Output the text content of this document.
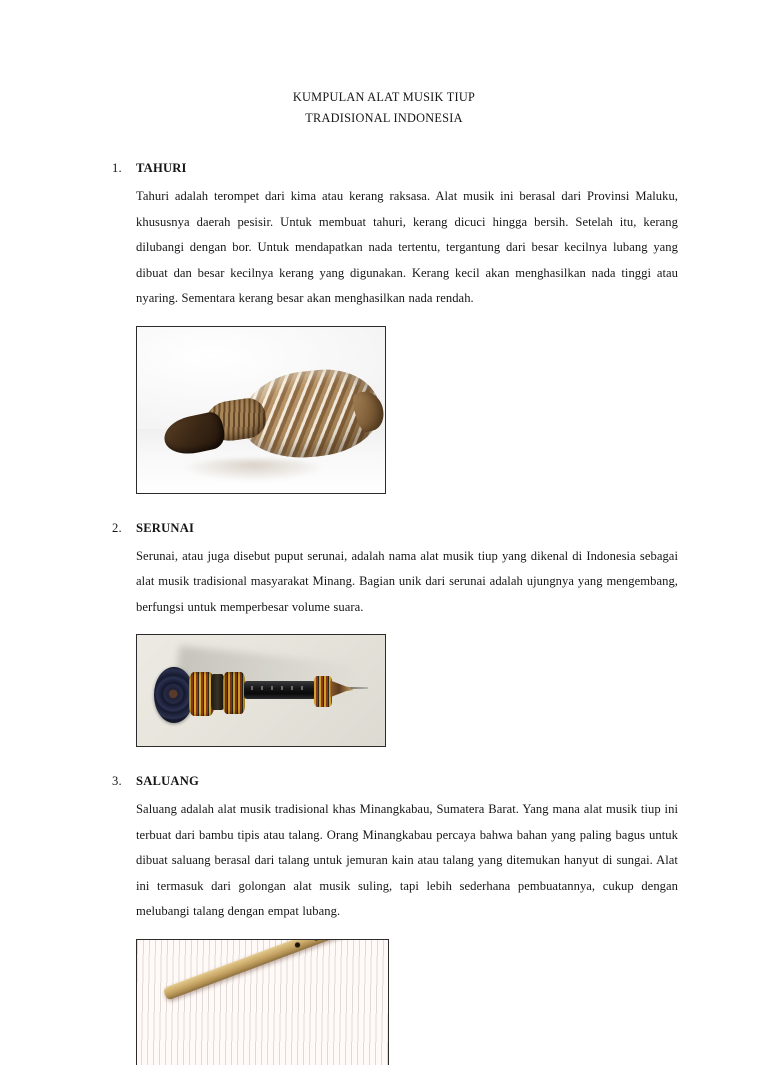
KUMPULAN ALAT MUSIK TIUP
TRADISIONAL INDONESIA
1. TAHURI

Tahuri adalah terompet dari kima atau kerang raksasa. Alat musik ini berasal dari Provinsi Maluku, khususnya daerah pesisir. Untuk membuat tahuri, kerang dicuci hingga bersih. Setelah itu, kerang dilubangi dengan bor. Untuk mendapatkan nada tertentu, tergantung dari besar kecilnya lubang yang dibuat dan besar kecilnya kerang yang digunakan. Kerang kecil akan menghasilkan nada tinggi atau nyaring. Sementara kerang besar akan menghasilkan nada rendah.

2. SERUNAI

Serunai, atau juga disebut puput serunai, adalah nama alat musik tiup yang dikenal di Indonesia sebagai alat musik tradisional masyarakat Minang. Bagian unik dari serunai adalah ujungnya yang mengembang, berfungsi untuk memperbesar volume suara.

3. SALUANG

Saluang adalah alat musik tradisional khas Minangkabau, Sumatera Barat. Yang mana alat musik tiup ini terbuat dari bambu tipis atau talang. Orang Minangkabau percaya bahwa bahan yang paling bagus untuk dibuat saluang berasal dari talang untuk jemuran kain atau talang yang ditemukan hanyut di sungai. Alat ini termasuk dari golongan alat musik suling, tapi lebih sederhana pembuatannya, cukup dengan melubangi talang dengan empat lubang.
